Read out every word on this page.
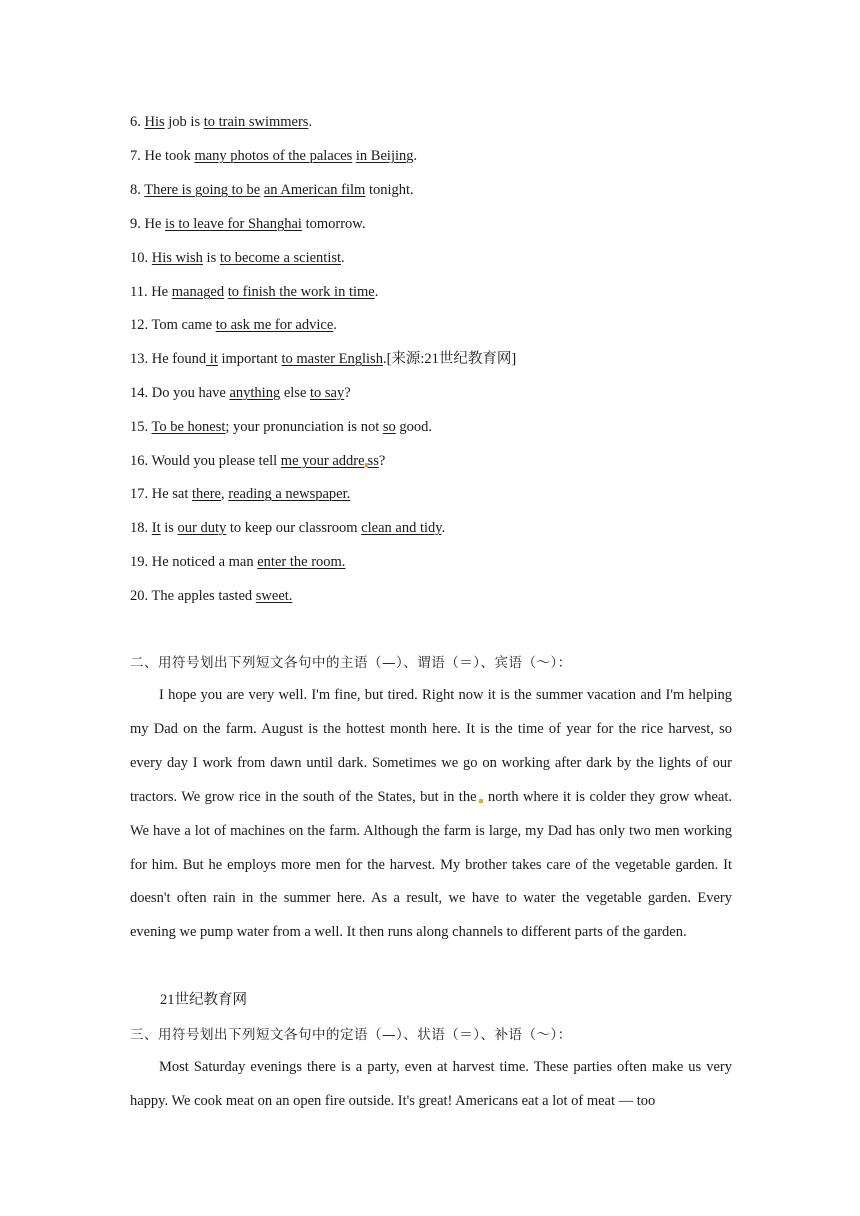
6. His job is to train swimmers.
7. He took many photos of the palaces in Beijing.
8. There is going to be an American film tonight.
9. He is to leave for Shanghai tomorrow.
10. His wish is to become a scientist.
11. He managed to finish the work in time.
12. Tom came to ask me for advice.
13. He found it important to master English.[来源:21世纪教育网]
14. Do you have anything else to say?
15. To be honest; your pronunciation is not so good.
16. Would you please tell me your addre ss?
17. He sat there, reading a newspaper.
18. It is our duty to keep our classroom clean and tidy.
19. He noticed a man enter the room.
20. The apples tasted sweet.
二、用符号划出下列短文各句中的主语（—）、谓语（＝）、宾语（～）：

I hope you are very well. I'm fine, but tired. Right now it is the summer vacation and I'm helping my Dad on the farm. August is the hottest month here. It is the time of year for the rice harvest, so every day I work from dawn until dark. Sometimes we go on working after dark by the lights of our tractors. We grow rice in the south of the States, but in the north where it is colder they grow wheat. We have a lot of machines on the farm. Although the farm is large, my Dad has only two men working for him. But he employs more men for the harvest. My brother takes care of the vegetable garden. It doesn't often rain in the summer here. As a result, we have to water the vegetable garden. Every evening we pump water from a well. It then runs along channels to different parts of the garden.

21世纪教育网
三、用符号划出下列短文各句中的定语（—）、状语（＝）、补语（～）：

Most Saturday evenings there is a party, even at harvest time. These parties often make us very happy. We cook meat on an open fire outside. It's great! Americans eat a lot of meat — too
